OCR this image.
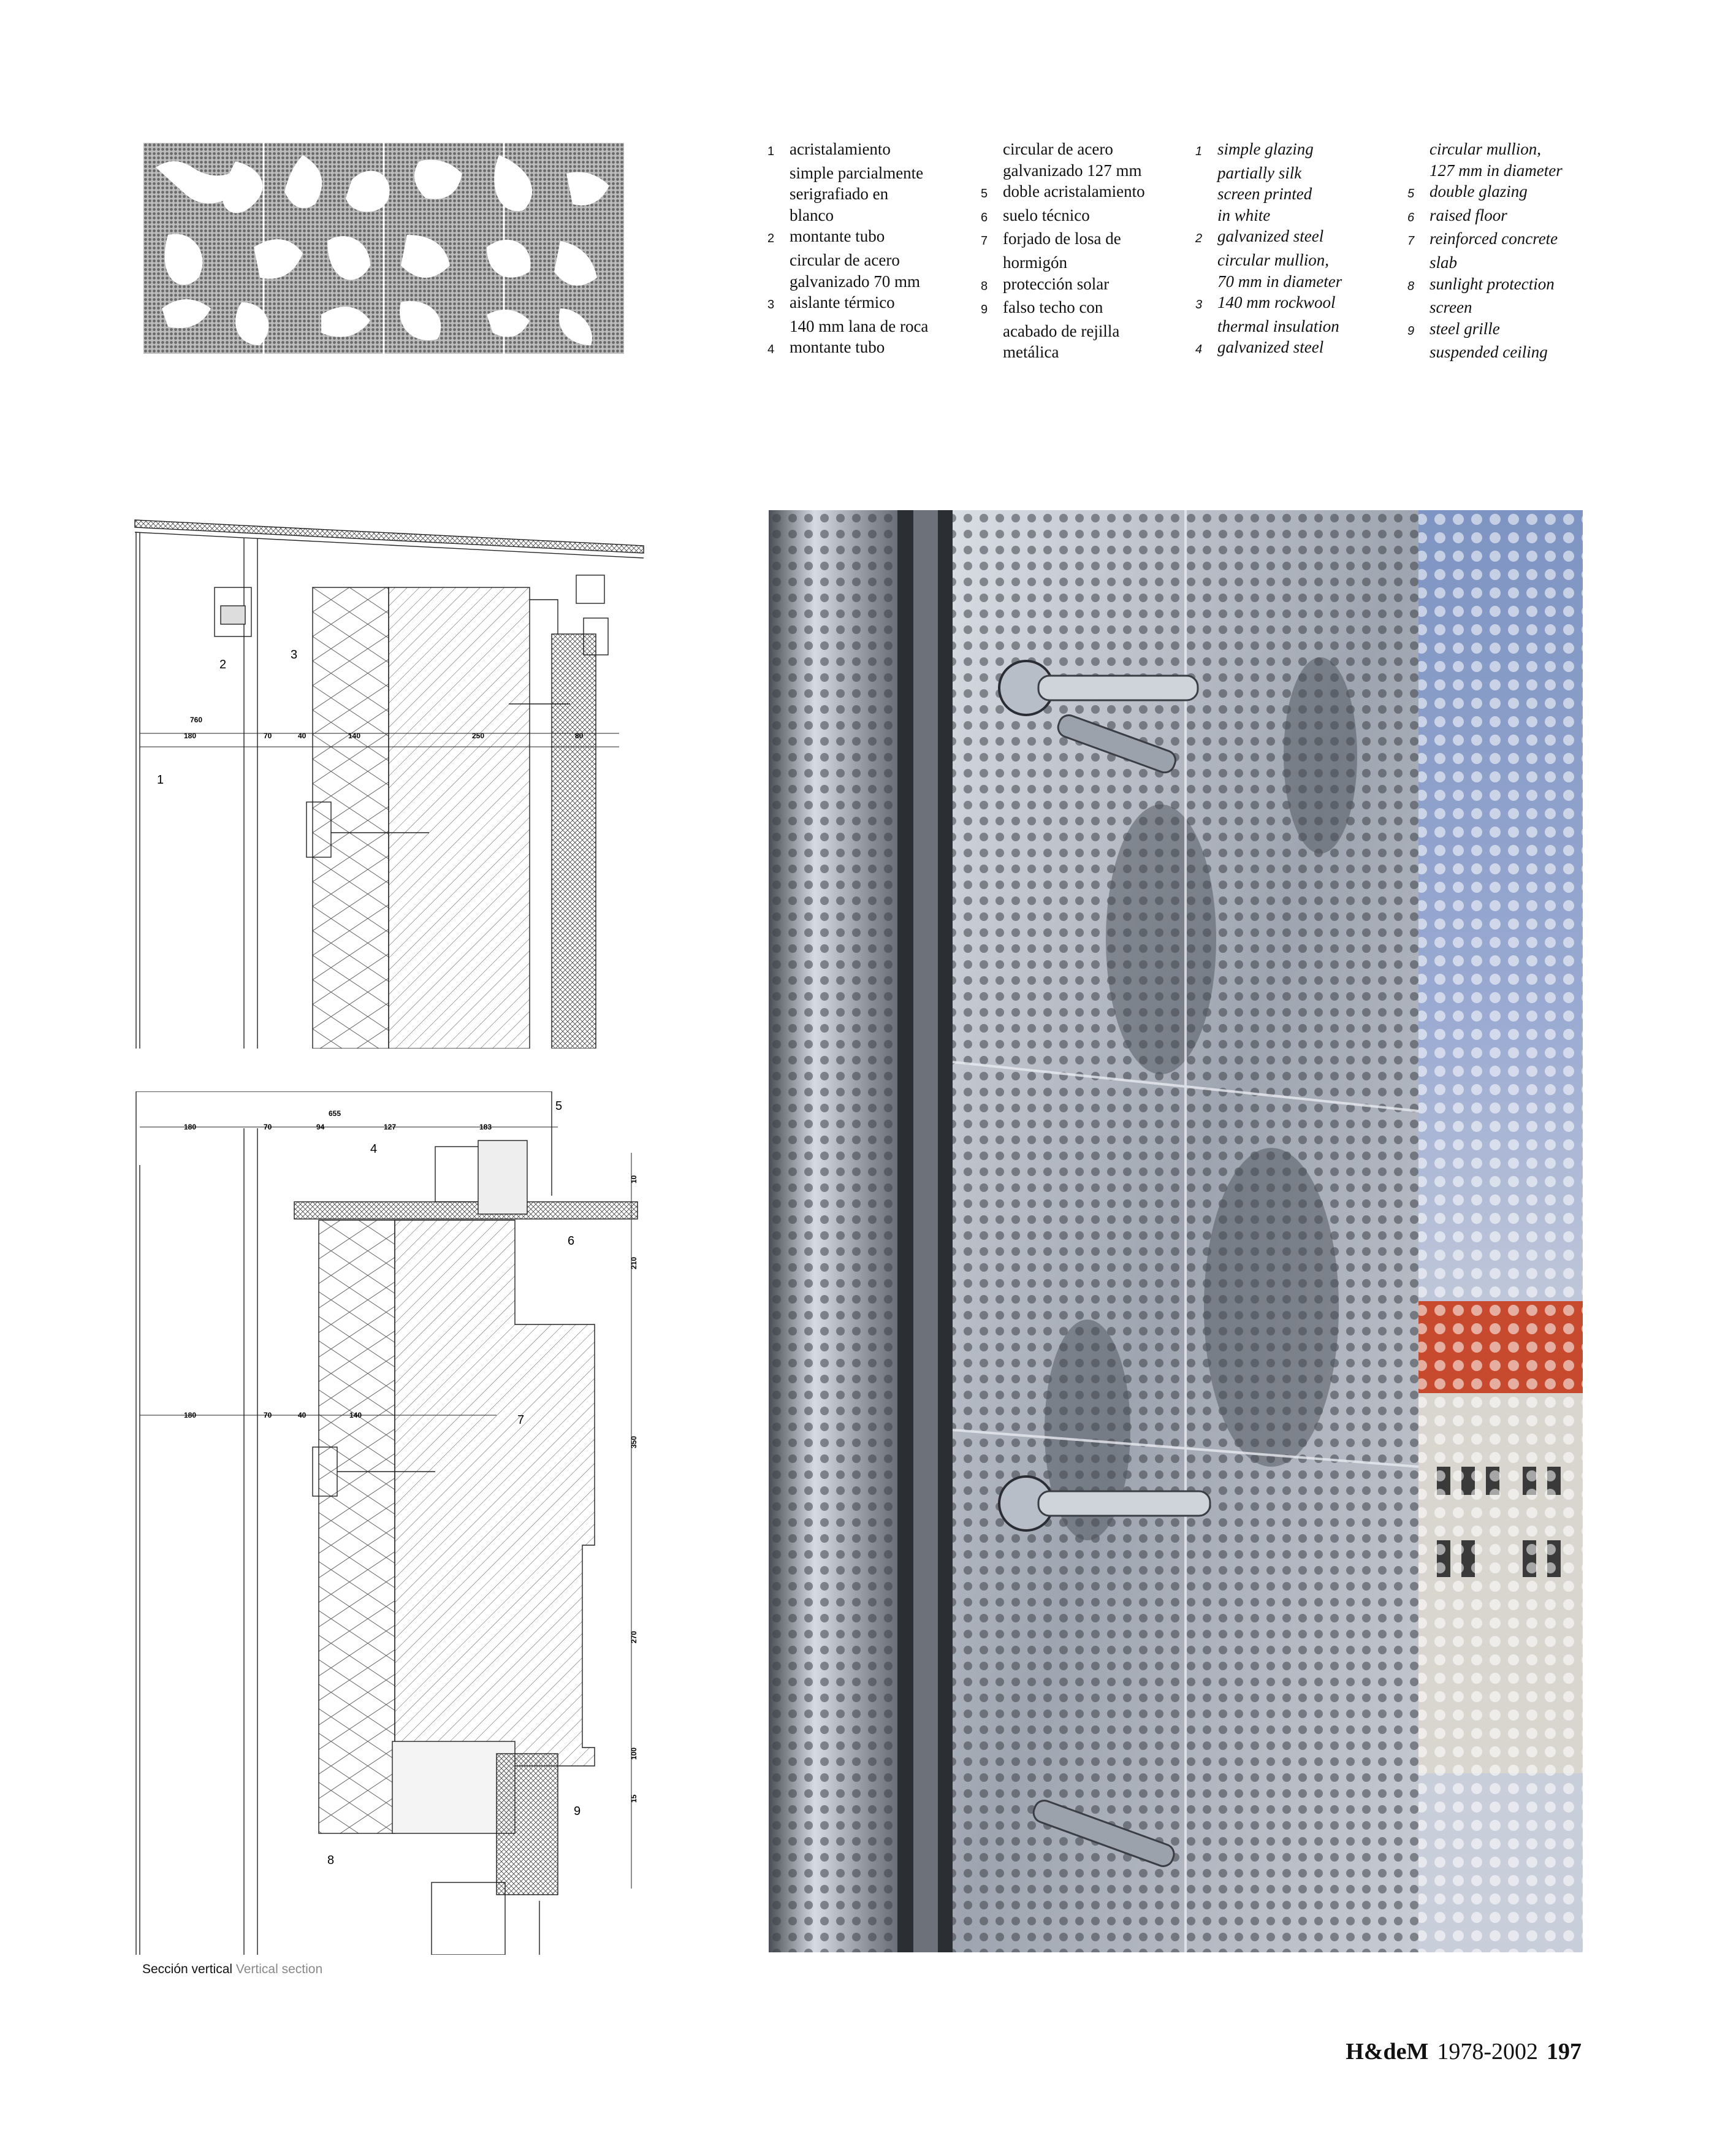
1 acristalamiento
simple parcialmente
serigrafiado en
blanco
2 montante tubo
circular de acero
galvanizado 70 mm
3 aislante térmico
140 mm lana de roca
4 montante tubo
circular de acero
galvanizado 127 mm
5 doble acristalamiento
6 suelo técnico
7 forjado de losa de
hormigón
8 protección solar
9 falso techo con
acabado de rejilla
metálica
1 simple glazing
partially silk
screen printed
in white
2 galvanized steel
circular mullion,
70 mm in diameter
3 140 mm rockwool
thermal insulation
4 galvanized steel
circular mullion,
127 mm in diameter
5 double glazing
6 raised floor
7 reinforced concrete
slab
8 sunlight protection
screen
9 steel grille
suspended ceiling
760
180	70	40	140	250	80
1
2
3
655
180	70	94	127	183
180	70	40	140
10
210
350
270
100
15
4
5
6
7
8
9
Sección vertical Vertical section
H&deM 1978-2002 197
